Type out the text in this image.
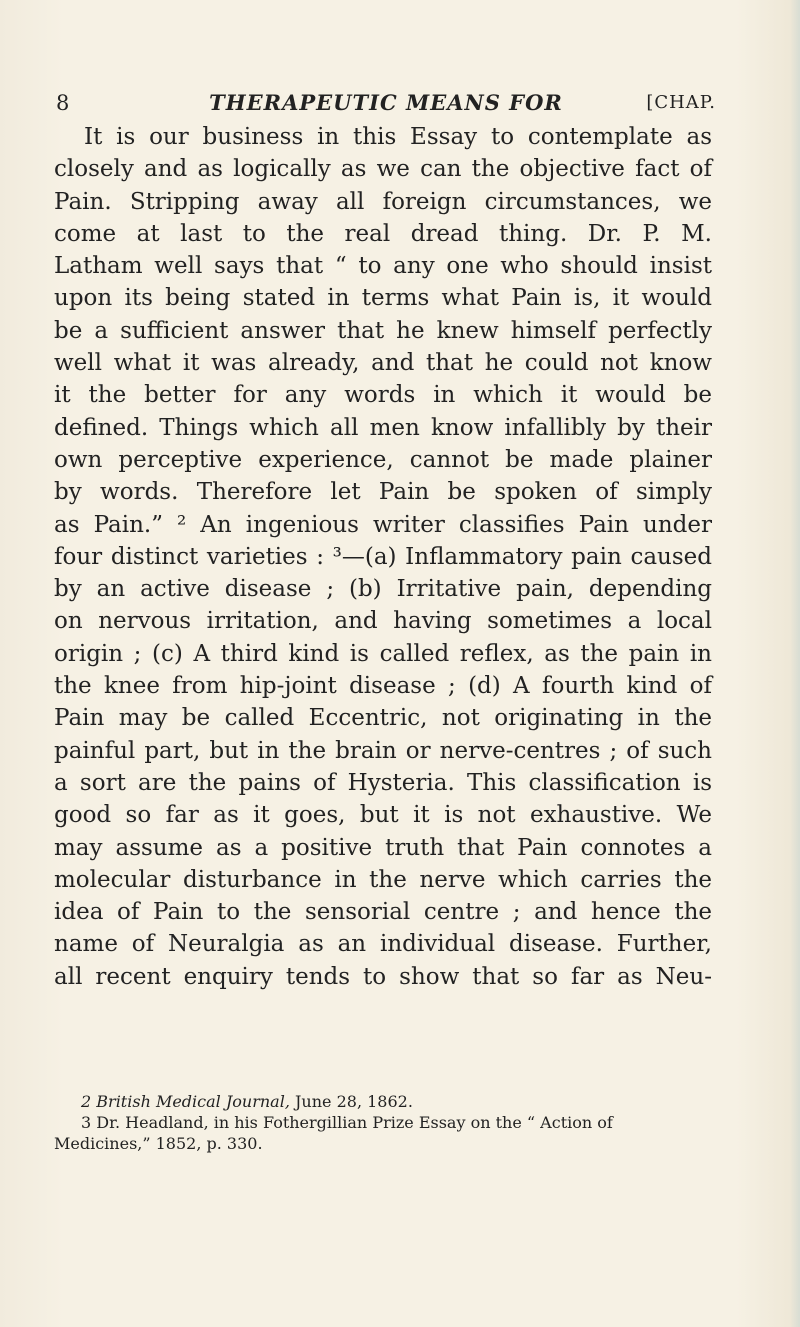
8	THERAPEUTIC MEANS FOR	[CHAP.
It is our business in this Essay to contemplate as
closely and as logically as we can the objective fact of
Pain. Stripping away all foreign circumstances, we
come at last to the real dread thing. Dr. P. M.
Latham well says that “ to any one who should insist
upon its being stated in terms what Pain is, it would
be a sufficient answer that he knew himself perfectly
well what it was already, and that he could not know
it the better for any words in which it would be
defined. Things which all men know infallibly by their
own perceptive experience, cannot be made plainer
by words. Therefore let Pain be spoken of simply
as Pain.” ² An ingenious writer classifies Pain under
four distinct varieties : ³—(a) Inflammatory pain caused
by an active disease ; (b) Irritative pain, depending
on nervous irritation, and having sometimes a local
origin ; (c) A third kind is called reflex, as the pain in
the knee from hip-joint disease ; (d) A fourth kind of
Pain may be called Eccentric, not originating in the
painful part, but in the brain or nerve-centres ; of such
a sort are the pains of Hysteria. This classification is
good so far as it goes, but it is not exhaustive. We
may assume as a positive truth that Pain connotes a
molecular disturbance in the nerve which carries the
idea of Pain to the sensorial centre ; and hence the
name of Neuralgia as an individual disease. Further,
all recent enquiry tends to show that so far as Neu-
2 British Medical Journal, June 28, 1862.
3 Dr. Headland, in his Fothergillian Prize Essay on the “ Action of
Medicines,” 1852, p. 330.
